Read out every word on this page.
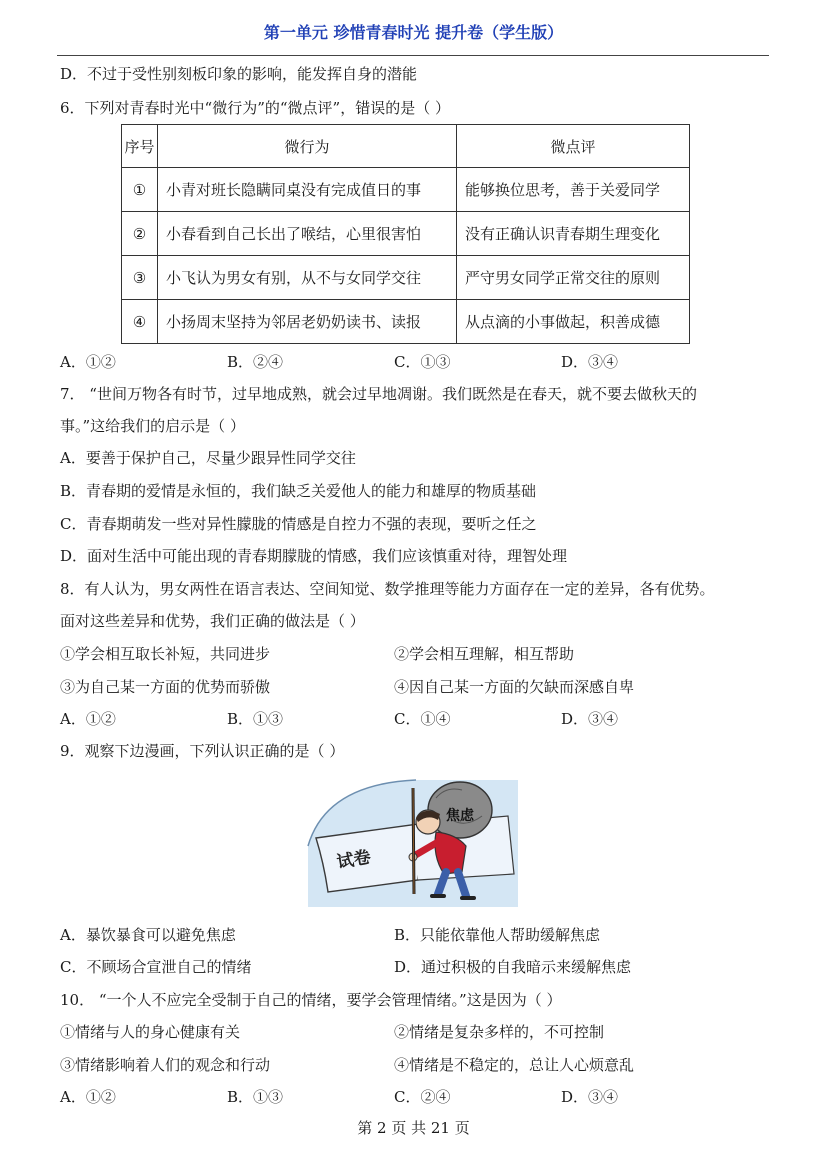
第一单元 珍惜青春时光 提升卷（学生版）
D．不过于受性别刻板印象的影响，能发挥自身的潜能
6．下列对青春时光中“微行为”的“微点评”，错误的是（ ）
序号	微行为	微点评
①	小青对班长隐瞒同桌没有完成值日的事	能够换位思考，善于关爱同学
②	小春看到自己长出了喉结，心里很害怕	没有正确认识青春期生理变化
③	小飞认为男女有别，从不与女同学交往	严守男女同学正常交往的原则
④	小扬周末坚持为邻居老奶奶读书、读报	从点滴的小事做起，积善成德
A．①②	B．②④	C．①③	D．③④
7． “世间万物各有时节，过早地成熟，就会过早地凋谢。我们既然是在春天，就不要去做秋天的
事。”这给我们的启示是（ ）
A．要善于保护自己，尽量少跟异性同学交往
B．青春期的爱情是永恒的，我们缺乏关爱他人的能力和雄厚的物质基础
C．青春期萌发一些对异性朦胧的情感是自控力不强的表现，要听之任之
D．面对生活中可能出现的青春期朦胧的情感，我们应该慎重对待，理智处理
8．有人认为，男女两性在语言表达、空间知觉、数学推理等能力方面存在一定的差异，各有优势。
面对这些差异和优势，我们正确的做法是（ ）
①学会相互取长补短，共同进步	②学会相互理解，相互帮助
③为自己某一方面的优势而骄傲	④因自己某一方面的欠缺而深感自卑
A．①②	B．①③	C．①④	D．③④
9．观察下边漫画，下列认识正确的是（ ）
试卷
焦虑
A．暴饮暴食可以避免焦虑	B．只能依靠他人帮助缓解焦虑
C．不顾场合宣泄自己的情绪	D．通过积极的自我暗示来缓解焦虑
10． “一个人不应完全受制于自己的情绪，要学会管理情绪。”这是因为（ ）
①情绪与人的身心健康有关	②情绪是复杂多样的，不可控制
③情绪影响着人们的观念和行动	④情绪是不稳定的，总让人心烦意乱
A．①②	B．①③	C．②④	D．③④
第 2 页 共 21 页
